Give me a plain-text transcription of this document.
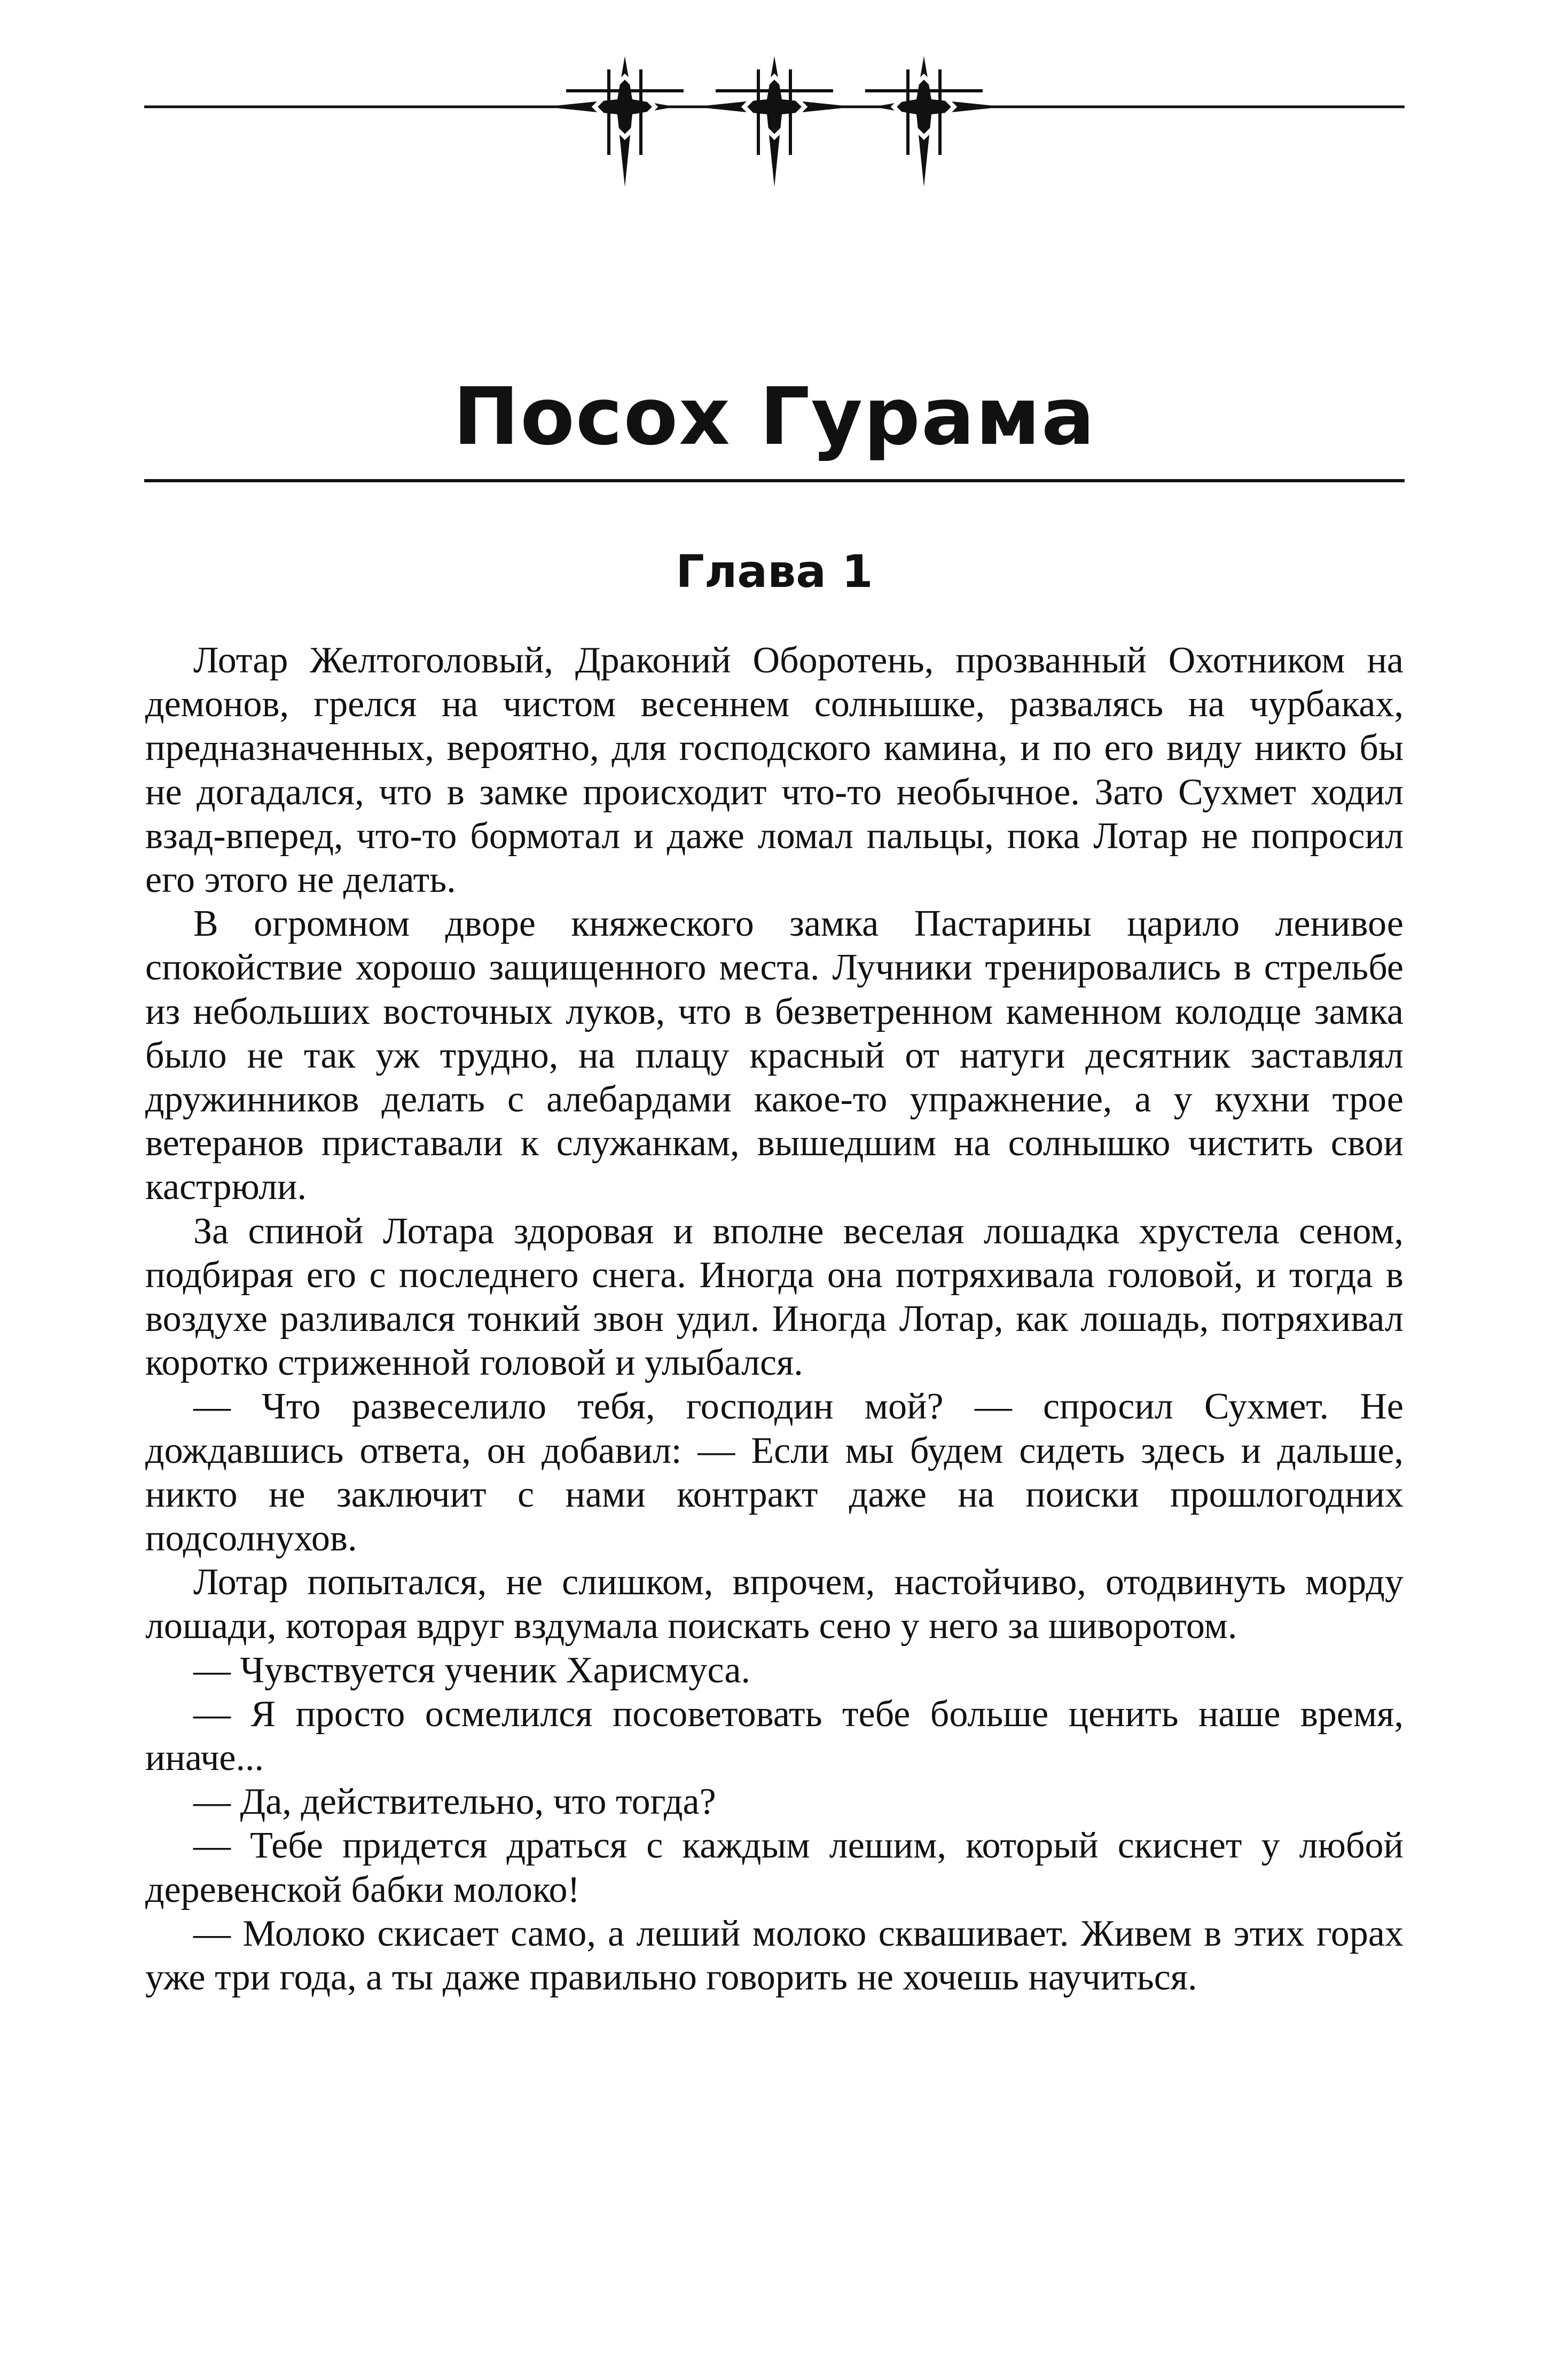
Посох Гурама
Глава 1

Лотар Желтоголовый, Драконий Оборотень, прозванный Охотником на демонов, грелся на чистом весеннем солнышке, развалясь на чурбаках, предназначенных, вероятно, для господского камина, и по его виду никто бы не догадался, что в замке происходит что-то необычное. Зато Сухмет ходил взад-вперед, что-то бормотал и даже ломал пальцы, пока Лотар не попросил его этого не делать.

В огромном дворе княжеского замка Пастарины царило ленивое спокойствие хорошо защищенного места. Лучники тренировались в стрельбе из небольших восточных луков, что в безветренном каменном колодце замка было не так уж трудно, на плацу красный от натуги десятник заставлял дружинников делать с алебардами какое-то упражнение, а у кухни трое ветеранов приставали к служанкам, вышедшим на солнышко чистить свои кастрюли.

За спиной Лотара здоровая и вполне веселая лошадка хрустела сеном, подбирая его с последнего снега. Иногда она потряхивала головой, и тогда в воздухе разливался тонкий звон удил. Иногда Лотар, как лошадь, потряхивал коротко стриженной головой и улыбался.

— Что развеселило тебя, господин мой? — спросил Сухмет. Не дождавшись ответа, он добавил: — Если мы будем сидеть здесь и дальше, никто не заключит с нами контракт даже на поиски прошлогодних подсолнухов.

Лотар попытался, не слишком, впрочем, настойчиво, отодвинуть морду лошади, которая вдруг вздумала поискать сено у него за шиворотом.

— Чувствуется ученик Харисмуса.

— Я просто осмелился посоветовать тебе больше ценить наше время, иначе...

— Да, действительно, что тогда?

— Тебе придется драться с каждым лешим, который скиснет у любой деревенской бабки молоко!

— Молоко скисает само, а леший молоко сквашивает. Живем в этих горах уже три года, а ты даже правильно говорить не хочешь научиться.
